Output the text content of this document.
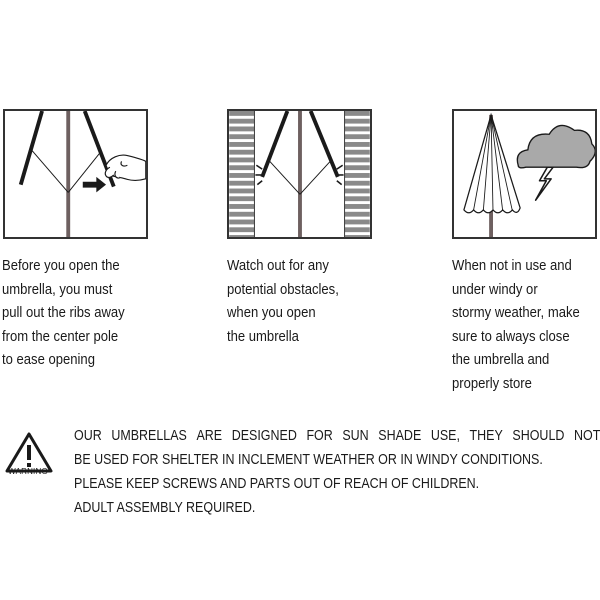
Before you open the
umbrella, you must
pull out the ribs away
from the center pole
to ease opening
Watch out for any
potential obstacles,
when you open
the umbrella
When not in use and
under windy or
stormy weather, make
sure to always close
the umbrella and
properly store
WARNING
OUR UMBRELLAS ARE DESIGNED FOR SUN SHADE USE, THEY SHOULD NOT
BE USED FOR SHELTER IN INCLEMENT WEATHER OR IN WINDY CONDITIONS.
PLEASE KEEP SCREWS AND PARTS OUT OF REACH OF CHILDREN.
ADULT ASSEMBLY REQUIRED.
